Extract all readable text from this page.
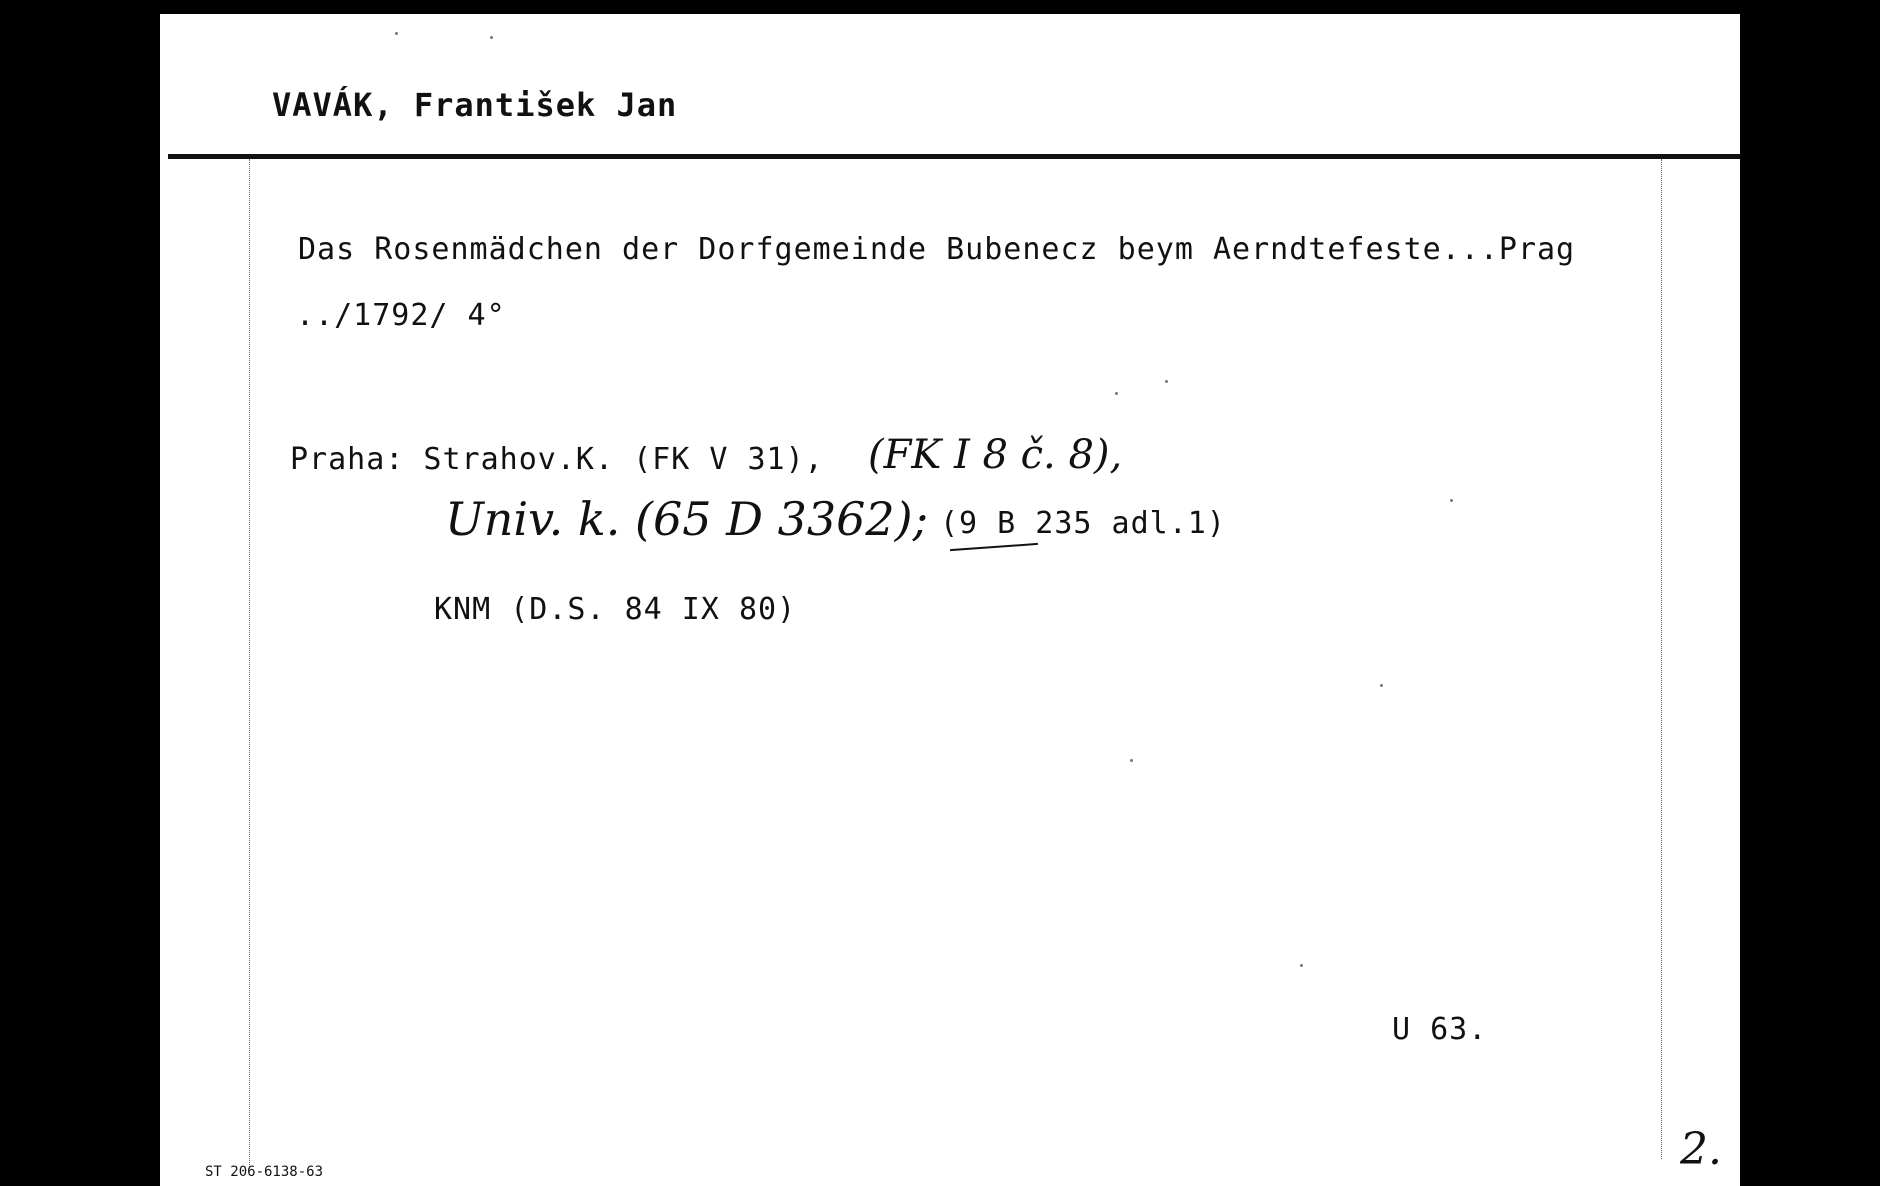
VAVÁK, František Jan
Das Rosenmädchen der Dorfgemeinde Bubenecz beym Aerndtefeste...Prag
../1792/ 4°
Praha: Strahov.K. (FK V 31), (FK I 8 č. 8),
Univ. k. (65 D 3362); (9 B 235 adl.1)
KNM (D.S. 84 IX 80)
U 63.
2.
ST 206-6138-63
